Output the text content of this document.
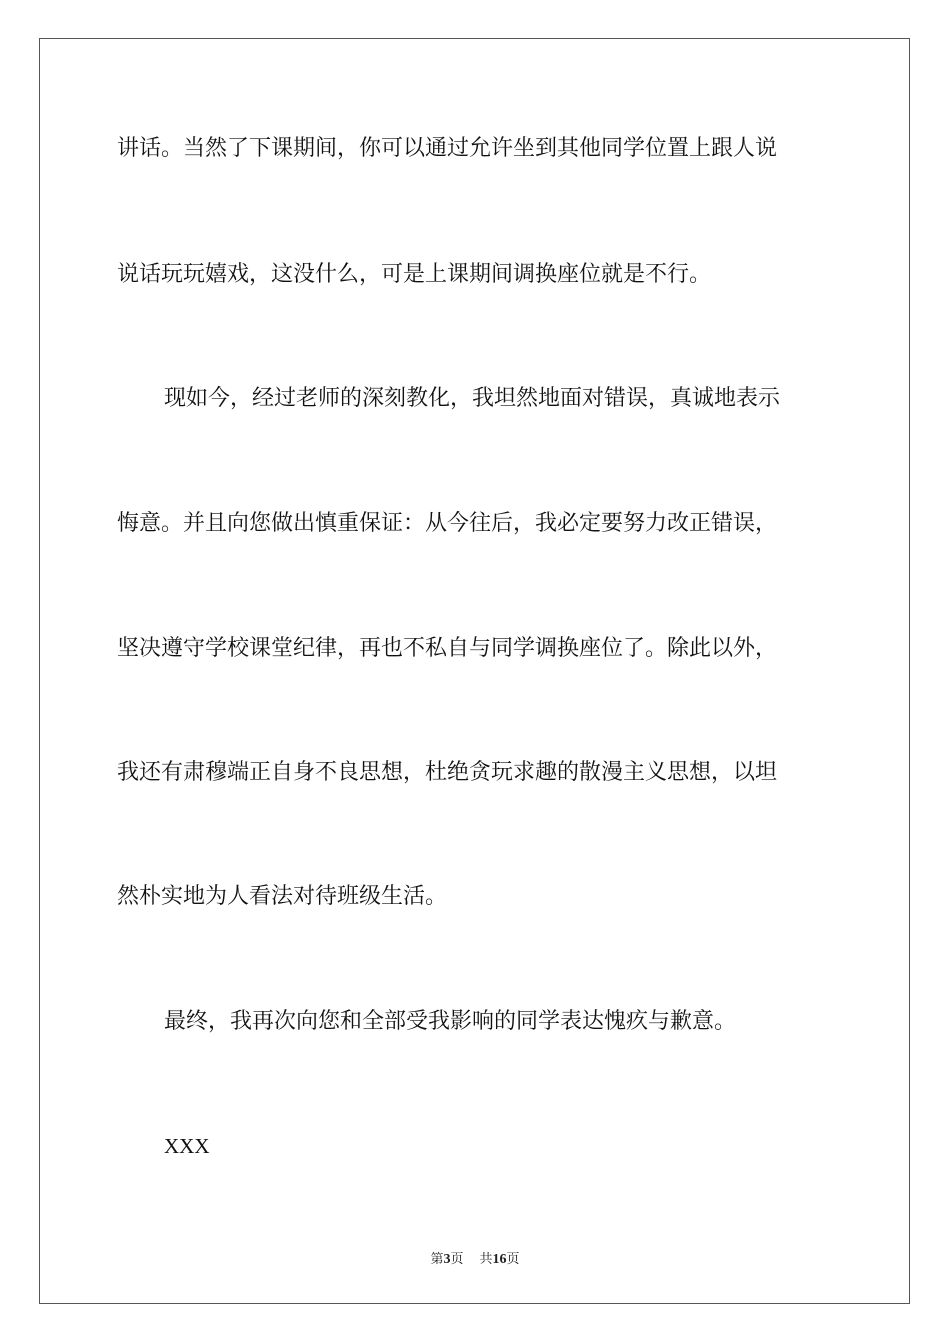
讲话。当然了下课期间，你可以通过允许坐到其他同学位置上跟人说
说话玩玩嬉戏，这没什么，可是上课期间调换座位就是不行。
现如今，经过老师的深刻教化，我坦然地面对错误，真诚地表示
悔意。并且向您做出慎重保证：从今往后，我必定要努力改正错误，
坚决遵守学校课堂纪律，再也不私自与同学调换座位了。除此以外，
我还有肃穆端正自身不良思想，杜绝贪玩求趣的散漫主义思想，以坦
然朴实地为人看法对待班级生活。
最终，我再次向您和全部受我影响的同学表达愧疚与歉意。
XXX
第3页 共16页
